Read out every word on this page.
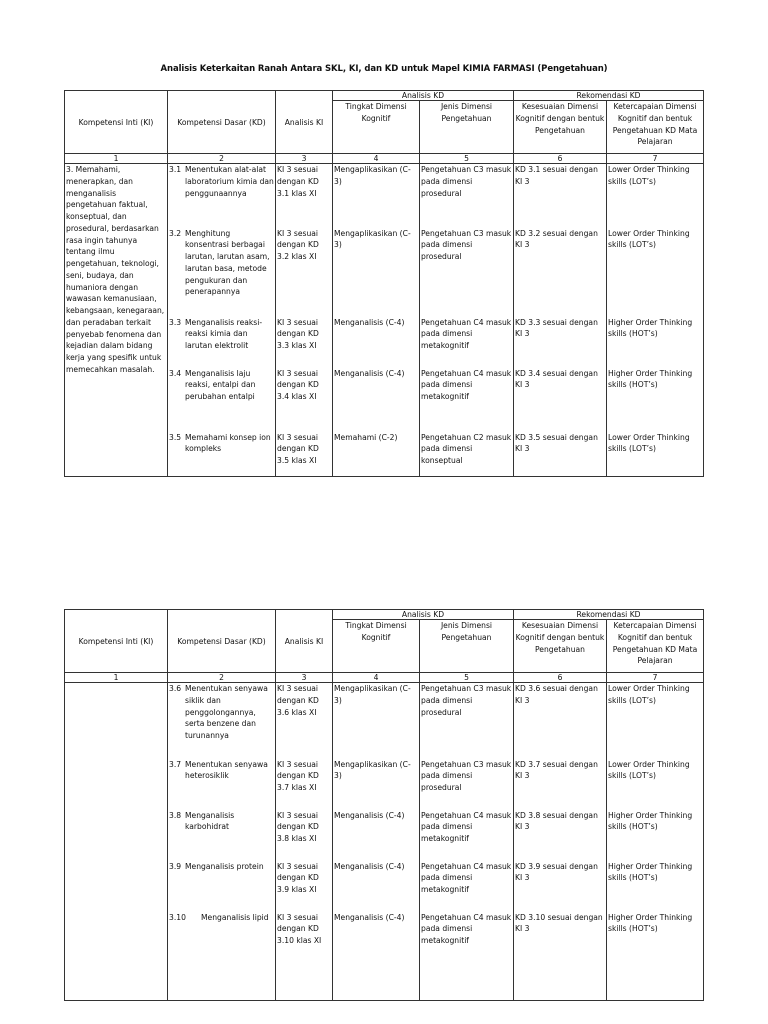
Analisis Keterkaitan Ranah Antara SKL, KI, dan KD untuk Mapel KIMIA FARMASI (Pengetahuan)
Kompetensi Inti (KI)	Kompetensi Dasar (KD)	Analisis KI	Analisis KD		Rekomendasi KD	
			Tingkat Dimensi Kognitif	Jenis Dimensi Pengetahuan	Kesesuaian Dimensi Kognitif dengan bentuk Pengetahuan	Ketercapaian Dimensi Kognitif dan bentuk Pengetahuan KD Mata Pelajaran
1	2	3	4	5	6	7
3. Memahami, menerapkan, dan menganalisis pengetahuan faktual, konseptual, dan prosedural, berdasarkan rasa ingin tahunya tentang ilmu pengetahuan, teknologi, seni, budaya, dan humaniora dengan wawasan kemanusiaan, kebangsaan, kenegaraan, dan peradaban terkait penyebab fenomena dan kejadian dalam bidang kerja yang spesifik untuk memecahkan masalah.	3.1 Menentukan alat-alat laboratorium kimia dan penggunaannya	KI 3 sesuai dengan KD 3.1 klas XI	Mengaplikasikan (C-3)	Pengetahuan C3 masuk pada dimensi prosedural	KD 3.1 sesuai dengan KI 3	Lower Order Thinking skills (LOT’s)

	3.2 Menghitung konsentrasi berbagai larutan, larutan asam, larutan basa, metode pengukuran dan penerapannya	KI 3 sesuai dengan KD 3.2 klas XI	Mengaplikasikan (C-3)	Pengetahuan C3 masuk pada dimensi prosedural	KD 3.2 sesuai dengan KI 3	Lower Order Thinking skills (LOT’s)

	3.3 Menganalisis reaksi-reaksi kimia dan larutan elektrolit	KI 3 sesuai dengan KD 3.3 klas XI	Menganalisis (C-4)	Pengetahuan C4 masuk pada dimensi metakognitif	KD 3.3 sesuai dengan KI 3	Higher Order Thinking skills (HOT’s)

	3.4 Menganalisis laju reaksi, entalpi dan perubahan entalpi	KI 3 sesuai dengan KD 3.4 klas XI	Menganalisis (C-4)	Pengetahuan C4 masuk pada dimensi metakognitif	KD 3.4 sesuai dengan KI 3	Higher Order Thinking skills (HOT’s)

	3.5 Memahami konsep ion kompleks	KI 3 sesuai dengan KD 3.5 klas XI	Memahami (C-2)	Pengetahuan C2 masuk pada dimensi konseptual	KD 3.5 sesuai dengan KI 3	Lower Order Thinking skills (LOT’s)
Kompetensi Inti (KI)	Kompetensi Dasar (KD)	Analisis KI	Analisis KD		Rekomendasi KD	
			Tingkat Dimensi Kognitif	Jenis Dimensi Pengetahuan	Kesesuaian Dimensi Kognitif dengan bentuk Pengetahuan	Ketercapaian Dimensi Kognitif dan bentuk Pengetahuan KD Mata Pelajaran
1	2	3	4	5	6	7

	3.6 Menentukan senyawa siklik dan penggolongannya, serta benzene dan turunannya	KI 3 sesuai dengan KD 3.6 klas XI	Mengaplikasikan (C-3)	Pengetahuan C3 masuk pada dimensi prosedural	KD 3.6 sesuai dengan KI 3	Lower Order Thinking skills (LOT’s)

	3.7 Menentukan senyawa heterosiklik	KI 3 sesuai dengan KD 3.7 klas XI	Mengaplikasikan (C-3)	Pengetahuan C3 masuk pada dimensi prosedural	KD 3.7 sesuai dengan KI 3	Lower Order Thinking skills (LOT’s)

	3.8 Menganalisis karbohidrat	KI 3 sesuai dengan KD 3.8 klas XI	Menganalisis (C-4)	Pengetahuan C4 masuk pada dimensi metakognitif	KD 3.8 sesuai dengan KI 3	Higher Order Thinking skills (HOT’s)

	3.9 Menganalisis protein	KI 3 sesuai dengan KD 3.9 klas XI	Menganalisis (C-4)	Pengetahuan C4 masuk pada dimensi metakognitif	KD 3.9 sesuai dengan KI 3	Higher Order Thinking skills (HOT’s)

	3.10 Menganalisis lipid	KI 3 sesuai dengan KD 3.10 klas XI	Menganalisis (C-4)	Pengetahuan C4 masuk pada dimensi metakognitif	KD 3.10 sesuai dengan KI 3	Higher Order Thinking skills (HOT’s)
